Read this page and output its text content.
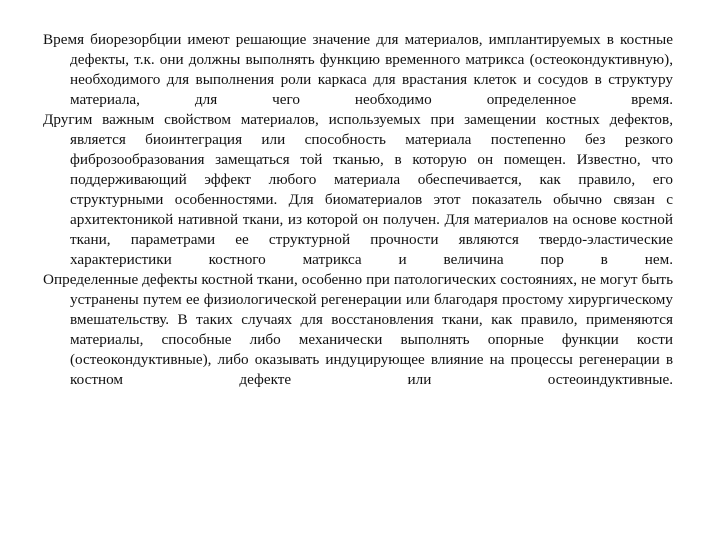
Время биорезорбции имеют решающие значение для материалов, имплантируемых в костные дефекты, т.к. они должны выполнять функцию временного матрикса (остеокондуктивную), необходимого для выполнения роли каркаса для врастания клеток и сосудов в структуру материала, для чего необходимо определенное время.

Другим важным свойством материалов, используемых при замещении костных дефектов, является биоинтеграция или способность материала постепенно без резкого фиброзообразования замещаться той тканью, в которую он помещен. Известно, что поддерживающий эффект любого материала обеспечивается, как правило, его структурными особенностями. Для биоматериалов этот показатель обычно связан с архитектоникой нативной ткани, из которой он получен. Для материалов на основе костной ткани, параметрами ее структурной прочности являются твердо-эластические характеристики костного матрикса и величина пор в нем.

Определенные дефекты костной ткани, особенно при патологических состояниях, не могут быть устранены путем ее физиологической регенерации или благодаря простому хирургическому вмешательству. В таких случаях для восстановления ткани, как правило, применяются материалы, способные либо механически выполнять опорные функции кости (остеокондуктивные), либо оказывать индуцирующее влияние на процессы регенерации в костном дефекте или остеоиндуктивные.
